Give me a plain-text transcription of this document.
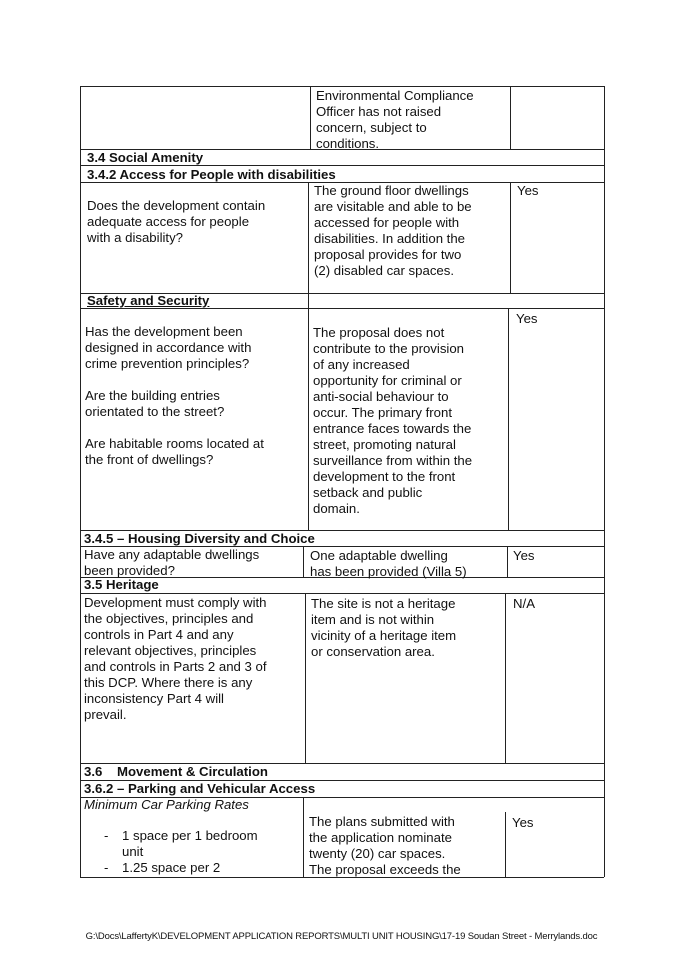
Environmental Compliance
Officer has not raised
concern, subject to
conditions.
3.4 Social Amenity
3.4.2 Access for People with disabilities
Does the development contain
adequate access for people
with a disability?
The ground floor dwellings
are visitable and able to be
accessed for people with
disabilities. In addition the
proposal provides for two
(2) disabled car spaces.
Yes
Safety and Security
Has the development been
designed in accordance with
crime prevention principles?

Are the building entries
orientated to the street?

Are habitable rooms located at
the front of dwellings?
The proposal does not
contribute to the provision
of any increased
opportunity for criminal or
anti-social behaviour to
occur. The primary front
entrance faces towards the
street, promoting natural
surveillance from within the
development to the front
setback and public
domain.
Yes
3.4.5 – Housing Diversity and Choice
Have any adaptable dwellings
been provided?
One adaptable dwelling
has been provided (Villa 5)
Yes
3.5 Heritage
Development must comply with
the objectives, principles and
controls in Part 4 and any
relevant objectives, principles
and controls in Parts 2 and 3 of
this DCP. Where there is any
inconsistency Part 4 will
prevail.
The site is not a heritage
item and is not within
vicinity of a heritage item
or conservation area.
N/A
3.6    Movement & Circulation
3.6.2 – Parking and Vehicular Access
Minimum Car Parking Rates
- 1 space per 1 bedroom
unit
- 1.25 space per 2
The plans submitted with
the application nominate
twenty (20) car spaces.
The proposal exceeds the
Yes
G:\Docs\LaffertyK\DEVELOPMENT APPLICATION REPORTS\MULTI UNIT HOUSING\17-19 Soudan Street - Merrylands.doc
